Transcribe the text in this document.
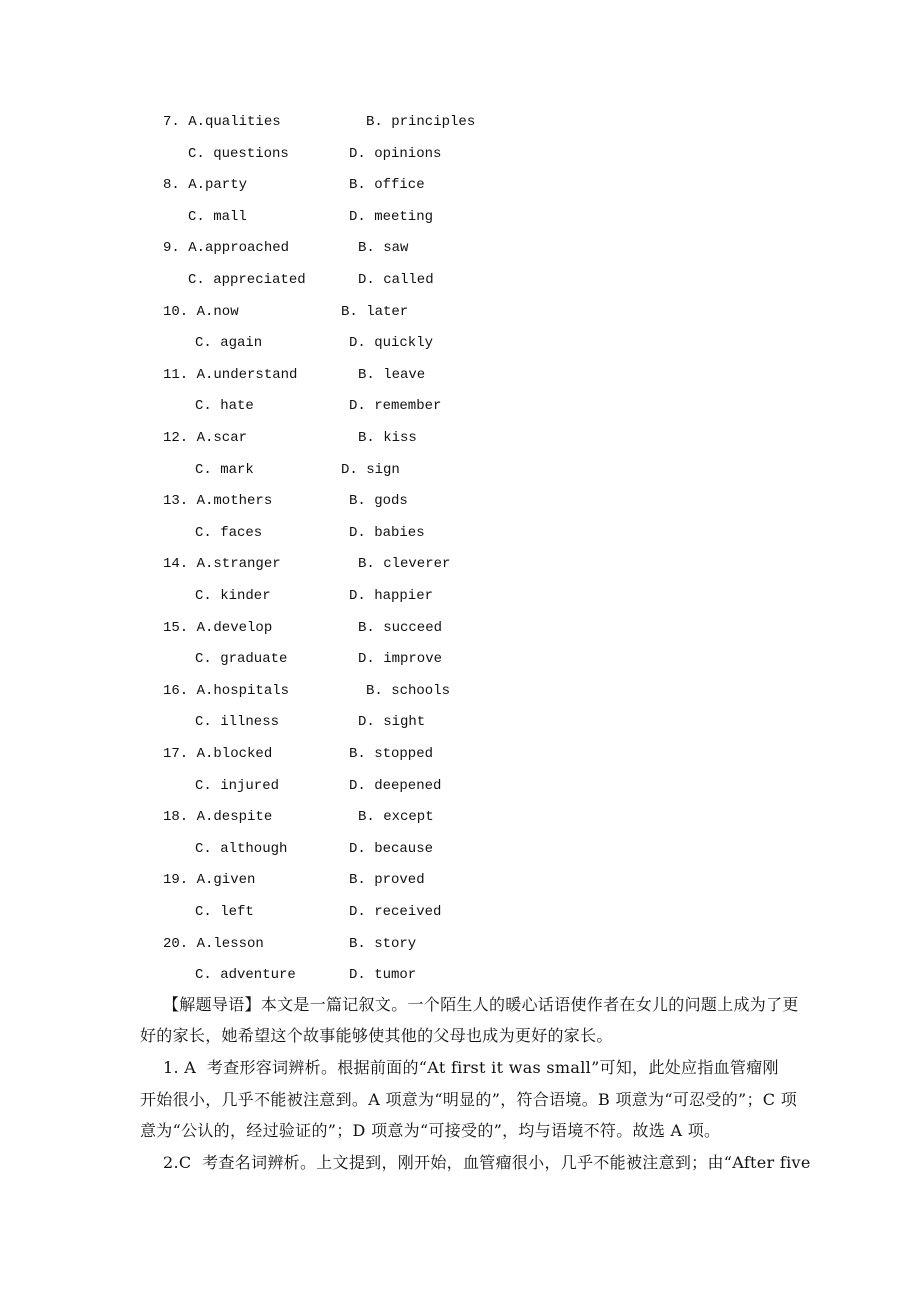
7. A.qualities	B. principles
C. questions	D. opinions
8. A.party	B. office
C. mall	D. meeting
9. A.approached	B. saw
C. appreciated	D. called
10. A.now	B. later
C. again	D. quickly
11. A.understand	B. leave
C. hate	D. remember
12. A.scar	B. kiss
C. mark	D. sign
13. A.mothers	B. gods
C. faces	D. babies
14. A.stranger	B. cleverer
C. kinder	D. happier
15. A.develop	B. succeed
C. graduate	D. improve
16. A.hospitals	B. schools
C. illness	D. sight
17. A.blocked	B. stopped
C. injured	D. deepened
18. A.despite	B. except
C. although	D. because
19. A.given	B. proved
C. left	D. received
20. A.lesson	B. story
C. adventure	D. tumor
【解题导语】本文是一篇记叙文。一个陌生人的暖心话语使作者在女儿的问题上成为了更
好的家长，她希望这个故事能够使其他的父母也成为更好的家长。
1. A  考查形容词辨析。根据前面的“At first it was small”可知，此处应指血管瘤刚
开始很小，几乎不能被注意到。A 项意为“明显的”，符合语境。B 项意为“可忍受的”；C 项
意为“公认的，经过验证的”；D 项意为“可接受的”，均与语境不符。故选 A 项。
2.C  考查名词辨析。上文提到，刚开始，血管瘤很小，几乎不能被注意到；由“After five
